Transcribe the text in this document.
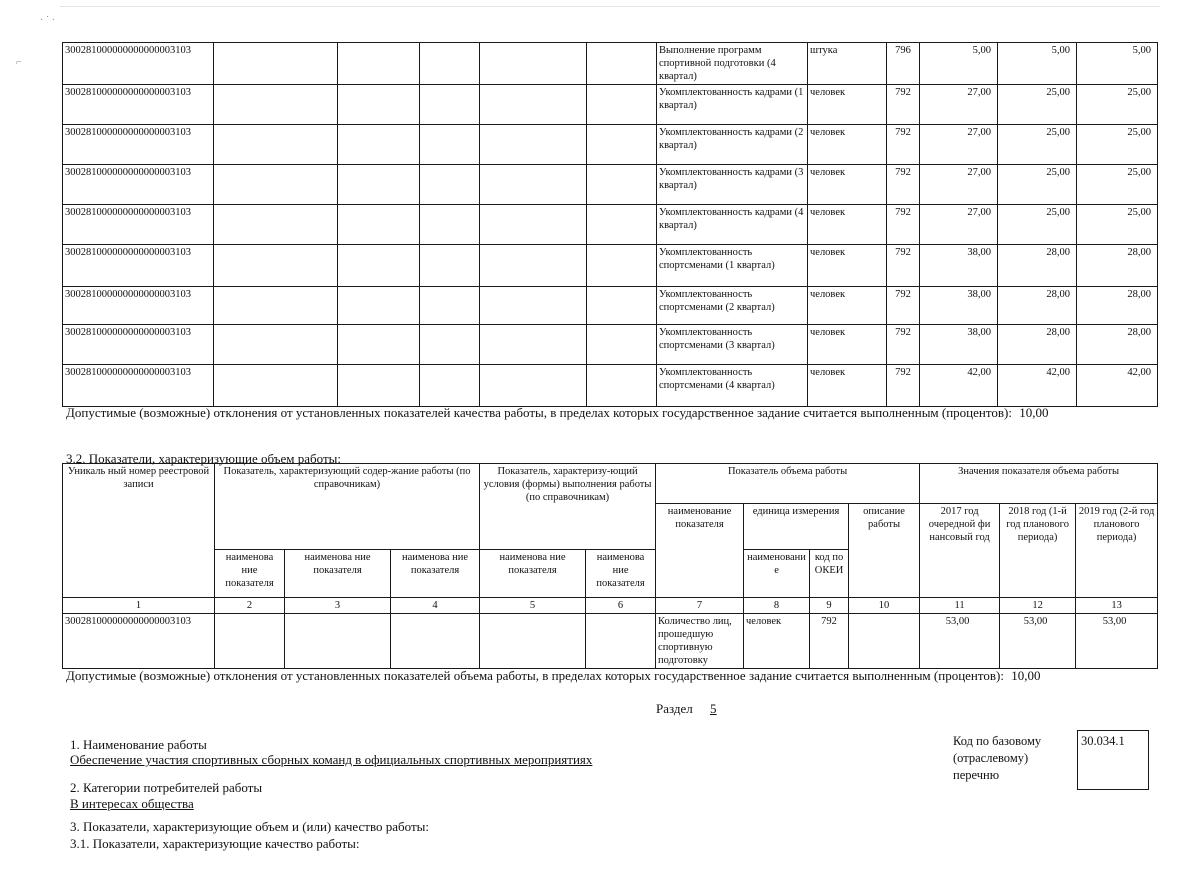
· ˙ ·
⌐
300281000000000000003103						Выполнение программ спортивной подготовки (4 квартал)	штука	796	5,00	5,00	5,00
300281000000000000003103						Укомплектованность кадрами (1 квартал)	человек	792	27,00	25,00	25,00
300281000000000000003103						Укомплектованность кадрами (2 квартал)	человек	792	27,00	25,00	25,00
300281000000000000003103						Укомплектованность кадрами (3 квартал)	человек	792	27,00	25,00	25,00
300281000000000000003103						Укомплектованность кадрами (4 квартал)	человек	792	27,00	25,00	25,00
300281000000000000003103						Укомплектованность спортсменами (1 квартал)	человек	792	38,00	28,00	28,00
300281000000000000003103						Укомплектованность спортсменами (2 квартал)	человек	792	38,00	28,00	28,00
300281000000000000003103						Укомплектованность спортсменами (3 квартал)	человек	792	38,00	28,00	28,00
300281000000000000003103						Укомплектованность спортсменами (4 квартал)	человек	792	42,00	42,00	42,00
Допустимые (возможные) отклонения от установленных показателей качества работы, в пределах которых государственное задание считается выполненным (процентов): 10,00
3.2. Показатели, характеризующие объем работы:
Уникаль ный номер реестровой записи	Показатель, характеризующий содер-жание работы (по справочникам)			Показатель, характеризу-ющий условия (формы) выполнения работы (по справочникам)		Показатель объема работы				Значения показателя объема работы		
						наименование показателя	единица измерения		описание работы	2017 год очередной фи нансовый год	2018 год (1-й год планового периода)	2019 год (2-й год планового периода)
	наименова ние показателя	наименова ние показателя	наименова ние показателя	наименова ние показателя	наименова ние показателя		наименовани е	код по ОКЕИ				
1	2	3	4	5	6	7	8	9	10	11	12	13
300281000000000000003103						Количество лиц, прошедшую спортивную подготовку	человек	792		53,00	53,00	53,00
Допустимые (возможные) отклонения от установленных показателей объема работы, в пределах которых государственное задание считается выполненным (процентов): 10,00
Раздел 5
1. Наименование работы
Обеспечение участия спортивных сборных команд в официальных спортивных мероприятиях
2. Категории потребителей работы
В интересах общества
3. Показатели, характеризующие объем и (или) качество работы:
3.1. Показатели, характеризующие качество работы:
Код по базовому (отраслевому) перечню
30.034.1
